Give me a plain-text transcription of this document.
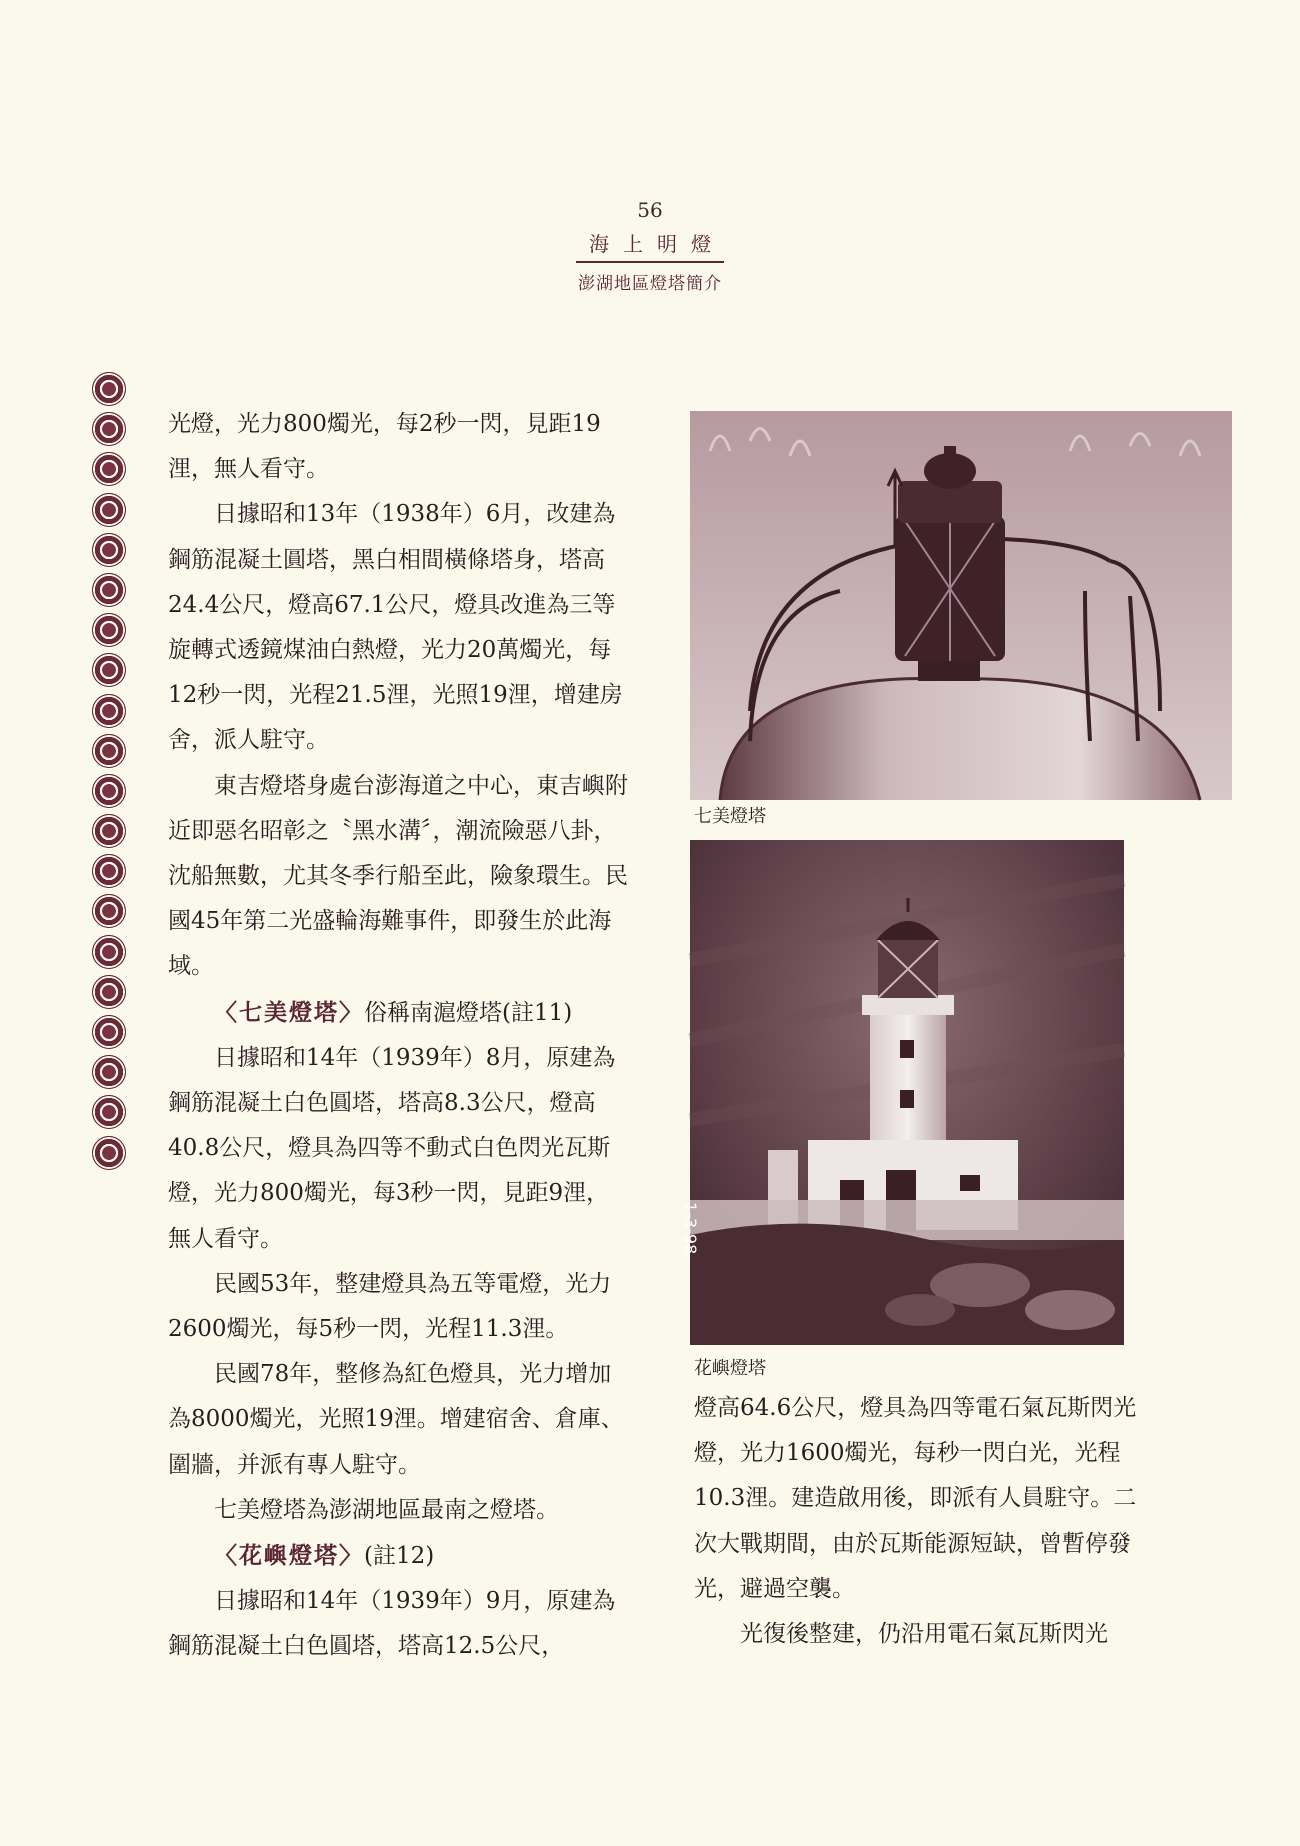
56
海上明燈
澎湖地區燈塔簡介

光燈，光力800燭光，每2秒一閃，見距19浬，無人看守。

日據昭和13年（1938年）6月，改建為鋼筋混凝土圓塔，黑白相間橫條塔身，塔高24.4公尺，燈高67.1公尺，燈具改進為三等旋轉式透鏡煤油白熱燈，光力20萬燭光，每12秒一閃，光程21.5浬，光照19浬，增建房舍，派人駐守。

東吉燈塔身處台澎海道之中心，東吉嶼附近即惡名昭彰之〝黑水溝〞，潮流險惡八卦，沈船無數，尤其冬季行船至此，險象環生。民國45年第二光盛輪海難事件，即發生於此海域。

〈七美燈塔〉俗稱南滬燈塔(註11)

日據昭和14年（1939年）8月，原建為鋼筋混凝土白色圓塔，塔高8.3公尺，燈高40.8公尺，燈具為四等不動式白色閃光瓦斯燈，光力800燭光，每3秒一閃，見距9浬，無人看守。

民國53年，整建燈具為五等電燈，光力2600燭光，每5秒一閃，光程11.3浬。

民國78年，整修為紅色燈具，光力增加為8000燭光，光照19浬。增建宿舍、倉庫、圍牆，并派有專人駐守。

七美燈塔為澎湖地區最南之燈塔。

〈花嶼燈塔〉(註12)

日據昭和14年（1939年）9月，原建為鋼筋混凝土白色圓塔，塔高12.5公尺，

七美燈塔
1-3-98
花嶼燈塔

燈高64.6公尺，燈具為四等電石氣瓦斯閃光燈，光力1600燭光，每秒一閃白光，光程10.3浬。建造啟用後，即派有人員駐守。二次大戰期間，由於瓦斯能源短缺，曾暫停發光，避過空襲。

光復後整建，仍沿用電石氣瓦斯閃光
